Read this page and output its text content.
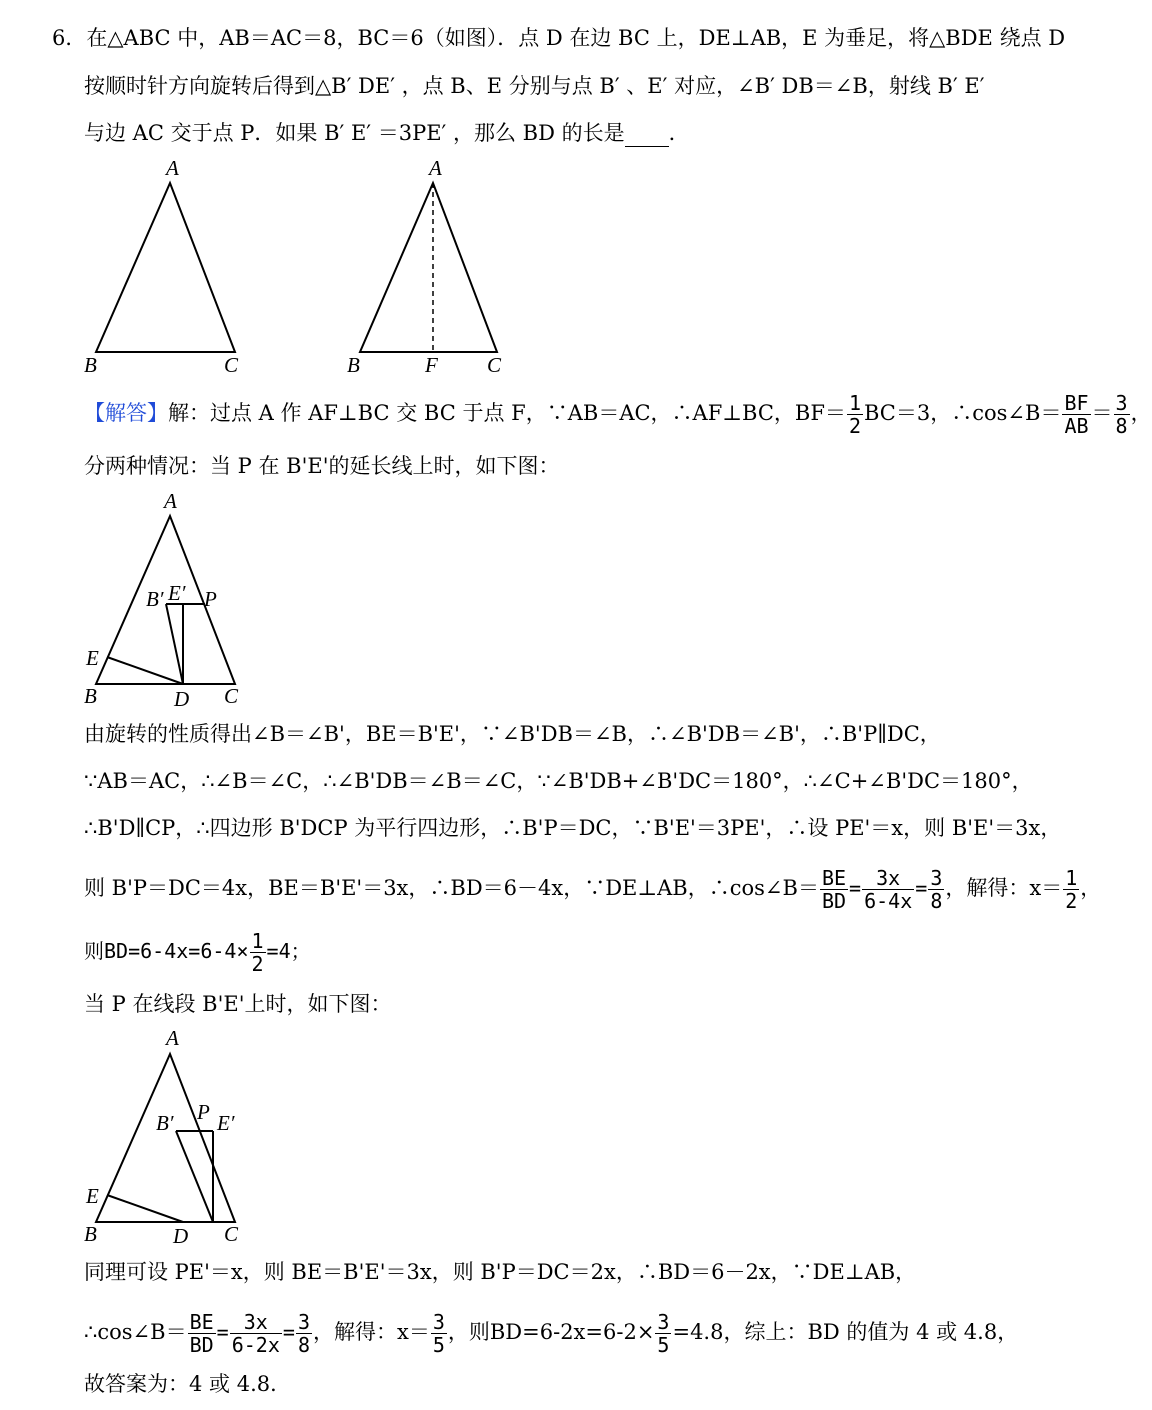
6．在△ABC 中，AB＝AC＝8，BC＝6（如图）．点 D 在边 BC 上，DE⊥AB，E 为垂足，将△BDE 绕点 D
按顺时针方向旋转后得到△B′ DE′ ，点 B、E 分别与点 B′ 、E′ 对应，∠B′ DB＝∠B，射线 B′ E′
与边 AC 交于点 P．如果 B′ E′ ＝3PE′ ，那么 BD 的长是 ．
A
B	C
A
B	F C
【解答】解：过点 A 作 AF⊥BC 交 BC 于点 F，∵AB＝AC，∴AF⊥BC，$BF= \frac{1}{2} BC=3$，∴cos∠B＝ $\frac{BF}{AB} = \frac{3}{8}$ ，
分两种情况：当 P 在 B'E'的延长线上时，如下图：
A
B′ E′ P
E
B	D C
由旋转的性质得出∠B＝∠B'，BE＝B'E'，∵∠B'DB＝∠B，∴∠B'DB＝∠B'，∴B'P∥DC，
∵AB＝AC，∴∠B＝∠C，∴∠B'DB＝∠B＝∠C，∵∠B'DB+∠B'DC＝180°，∴∠C+∠B'DC＝180°，
∴B'D∥CP，∴四边形 B'DCP 为平行四边形，∴B'P＝DC，∵B'E'＝3PE'，∴设 PE'＝x，则 B'E'＝3x，
则 B'P＝DC＝4x，BE＝B'E'＝3x，∴BD＝6－4x，∵DE⊥AB，∴cos∠B＝ $\frac{BE}{BD} = \frac{3x}{6-4x} = \frac{3}{8}$ ，解得：$x= \frac{1}{2}$ ，
则$BD=6-4x=6-4\times \frac{1}{2} =4$；
当 P 在线段 B'E'上时，如下图：
A
B′ P E′
E
B	D C
同理可设 PE'＝x，则 BE＝B'E'＝3x，则 B'P＝DC＝2x，∴BD＝6－2x，∵DE⊥AB，
∴cos∠B＝ $\frac{BE}{BD} = \frac{3x}{6-2x} = \frac{3}{8}$ ，解得：$x= \frac{3}{5}$ ，则$BD=6-2x=6-2\times \frac{3}{5} =4.8$，综上：BD 的值为 4 或 4.8，
故答案为：4 或 4.8．
